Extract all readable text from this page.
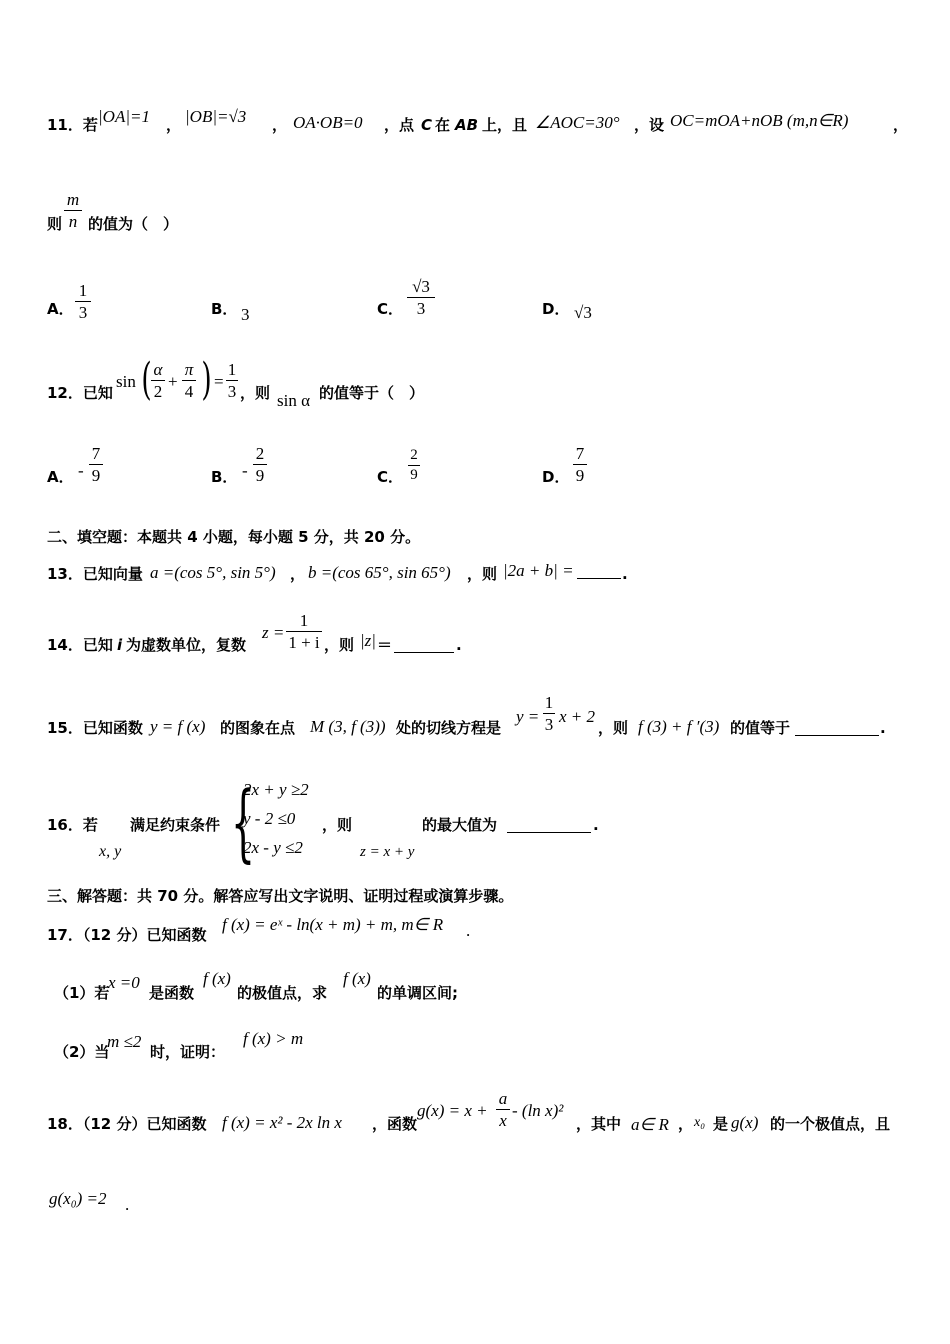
11．若 |OA|=1 ， |OB|=√3 ， OA·OB=0 ，点 C 在 AB 上，且 ∠AOC=30° ，设 OC=mOA+nOB (m,n∈R)	，
则
m
n 的值为（　）
A．
1
3	B． 3	C．
√3
3	D． √3
12．已知
sin ( α
2
+
π
4 ) =
1
3 ，则 sin α 的值等于（　）
A． -
7
9	B． -
2
9	C．
2
9	D．
7
9
二、填空题：本题共 4 小题，每小题 5 分，共 20 分。
13．已知向量 a =(cos 5°, sin 5°) ， b =(cos 65°, sin 65°) ，则 |2a + b| =	.
14．已知 i 为虚数单位，复数
z =
1
1 + i ，则 |z| ＝	.
15．已知函数 y = f (x) 的图象在点 M (3, f (3)) 处的切线方程是
y =
1
3 x + 2
，则 f (3) + f ′(3) 的值等于	.
16．若
x, y
满足约束条件 {
2x + y ≥2
y - 2 ≤0
2x - y ≤2
，则
z = x + y
的最大值为	.
三、解答题：共 70 分。解答应写出文字说明、证明过程或演算步骤。
17．（12 分）已知函数
f (x) = eˣ - ln(x + m) + m, m∈ R .
（1）若
x =0
是函数
f (x)
的极值点，求
f (x)
的单调区间;
（2）当
m ≤2
时，证明：
f (x) > m
18．（12 分）已知函数 f (x) = x² - 2x ln x ，函数
g(x) = x +
a
x
- (ln x)²
，其中 a∈ R ， x₀ 是 g(x) 的一个极值点，且
g(x₀) =2 .
